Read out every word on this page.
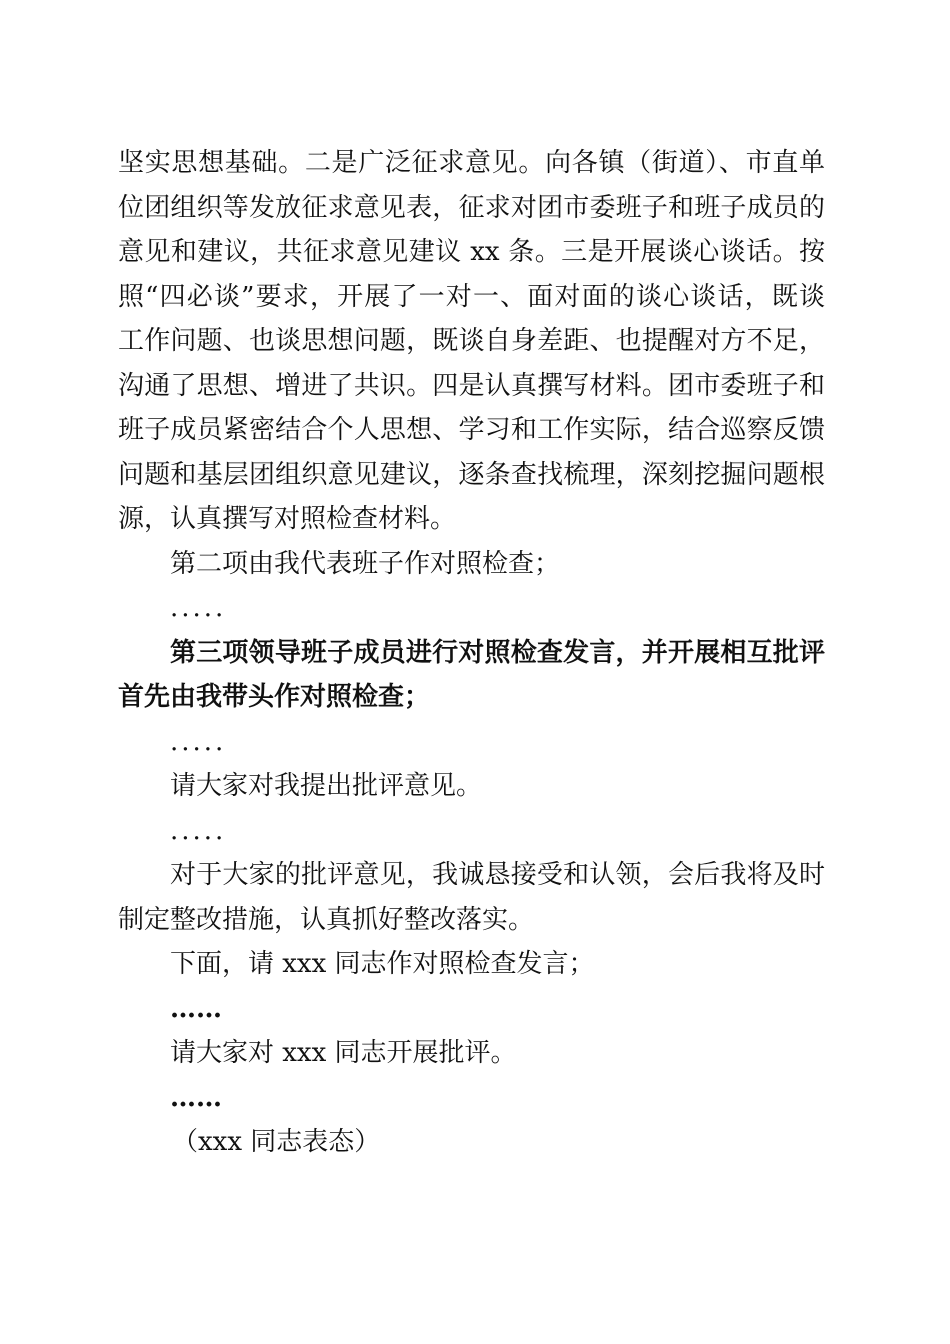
坚实思想基础。二是广泛征求意见。向各镇（街道）、市直单
位团组织等发放征求意见表，征求对团市委班子和班子成员的
意见和建议，共征求意见建议 xx 条。三是开展谈心谈话。按
照“四必谈”要求，开展了一对一、面对面的谈心谈话，既谈
工作问题、也谈思想问题，既谈自身差距、也提醒对方不足，
沟通了思想、增进了共识。四是认真撰写材料。团市委班子和
班子成员紧密结合个人思想、学习和工作实际，结合巡察反馈
问题和基层团组织意见建议，逐条查找梳理，深刻挖掘问题根
源，认真撰写对照检查材料。
第二项由我代表班子作对照检查；
.....
第三项领导班子成员进行对照检查发言，并开展相互批评
首先由我带头作对照检查；
.....
请大家对我提出批评意见。
.....
对于大家的批评意见，我诚恳接受和认领，会后我将及时
制定整改措施，认真抓好整改落实。
下面，请 xxx 同志作对照检查发言；
……
请大家对 xxx 同志开展批评。
……
（xxx 同志表态）
